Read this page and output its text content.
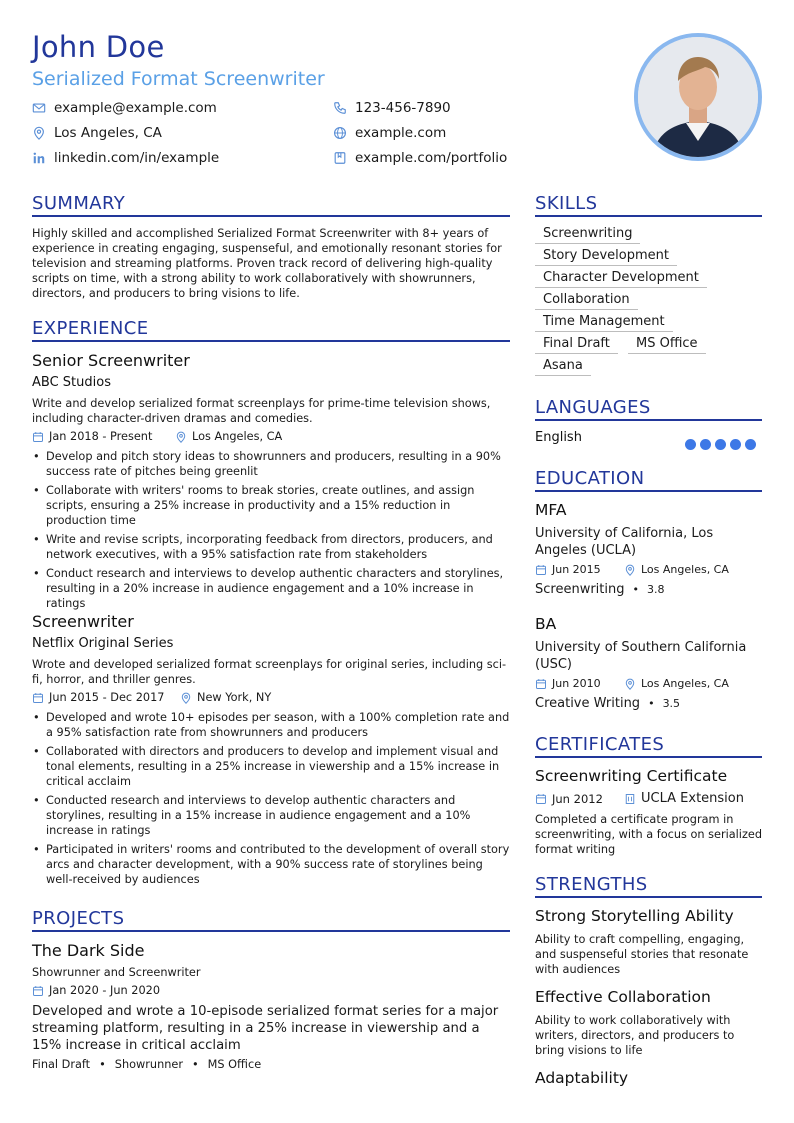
John Doe
Serialized Format Screenwriter
example@example.com	123-456-7890
Los Angeles, CA	example.com
linkedin.com/in/example	example.com/portfolio
SUMMARY
Highly skilled and accomplished Serialized Format Screenwriter with 8+ years of experience in creating engaging, suspenseful, and emotionally resonant stories for television and streaming platforms. Proven track record of delivering high-quality scripts on time, with a strong ability to work collaboratively with showrunners, directors, and producers to bring visions to life.
EXPERIENCE
Senior Screenwriter
ABC Studios
Write and develop serialized format screenplays for prime-time television shows, including character-driven dramas and comedies.
Jan 2018 - Present	Los Angeles, CA
• Develop and pitch story ideas to showrunners and producers, resulting in a 90% success rate of pitches being greenlit
• Collaborate with writers' rooms to break stories, create outlines, and assign scripts, ensuring a 25% increase in productivity and a 15% reduction in production time
• Write and revise scripts, incorporating feedback from directors, producers, and network executives, with a 95% satisfaction rate from stakeholders
• Conduct research and interviews to develop authentic characters and storylines, resulting in a 20% increase in audience engagement and a 10% increase in ratings
Screenwriter
Netflix Original Series
Wrote and developed serialized format screenplays for original series, including sci-fi, horror, and thriller genres.
Jun 2015 - Dec 2017	New York, NY
• Developed and wrote 10+ episodes per season, with a 100% completion rate and a 95% satisfaction rate from showrunners and producers
• Collaborated with directors and producers to develop and implement visual and tonal elements, resulting in a 25% increase in viewership and a 15% increase in critical acclaim
• Conducted research and interviews to develop authentic characters and storylines, resulting in a 15% increase in audience engagement and a 10% increase in ratings
• Participated in writers' rooms and contributed to the development of overall story arcs and character development, with a 90% success rate of storylines being well-received by audiences
PROJECTS
The Dark Side
Showrunner and Screenwriter
Jan 2020 - Jun 2020
Developed and wrote a 10-episode serialized format series for a major streaming platform, resulting in a 25% increase in viewership and a 15% increase in critical acclaim
Final Draft • Showrunner • MS Office
SKILLS
Screenwriting
Story Development
Character Development
Collaboration
Time Management
Final Draft	MS Office
Asana
LANGUAGES
English
EDUCATION
MFA
University of California, Los Angeles (UCLA)
Jun 2015	Los Angeles, CA
Screenwriting • 3.8
BA
University of Southern California (USC)
Jun 2010	Los Angeles, CA
Creative Writing • 3.5
CERTIFICATES
Screenwriting Certificate
Jun 2012	UCLA Extension
Completed a certificate program in screenwriting, with a focus on serialized format writing
STRENGTHS
Strong Storytelling Ability
Ability to craft compelling, engaging, and suspenseful stories that resonate with audiences
Effective Collaboration
Ability to work collaboratively with writers, directors, and producers to bring visions to life
Adaptability
